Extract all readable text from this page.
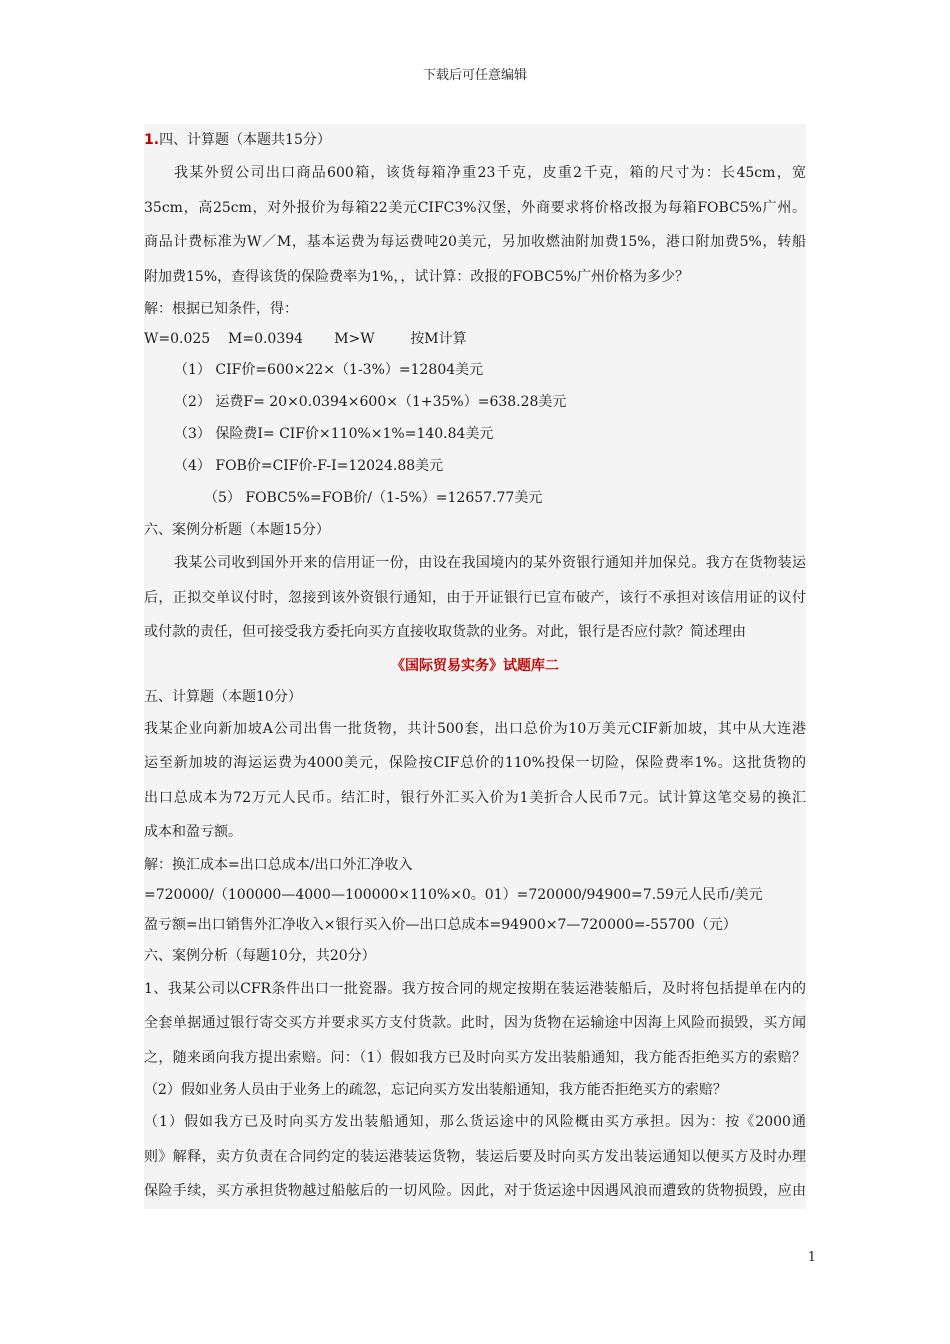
下载后可任意编辑
1.四、计算题（本题共15分）
我某外贸公司出口商品600箱，该货每箱净重23千克，皮重2千克，箱的尺寸为：长45cm，宽
35cm，高25cm，对外报价为每箱22美元CIFC3%汉堡，外商要求将价格改报为每箱FOBC5%广州。
商品计费标准为W／M，基本运费为每运费吨20美元，另加收燃油附加费15%，港口附加费5%，转船
附加费15%，查得该货的保险费率为1%，，试计算：改报的FOBC5%广州价格为多少？
解：根据已知条件，得：
W=0.025    M=0.0394       M>W        按M计算
（1） CIF价=600×22×（1-3%）=12804美元
（2） 运费F= 20×0.0394×600×（1+35%）=638.28美元
（3） 保险费I= CIF价×110%×1%=140.84美元
（4） FOB价=CIF价-F-I=12024.88美元
（5） FOBC5%=FOB价/（1-5%）=12657.77美元
六、案例分析题（本题15分）
我某公司收到国外开来的信用证一份，由设在我国境内的某外资银行通知并加保兑。我方在货物装运
后，正拟交单议付时，忽接到该外资银行通知，由于开证银行已宣布破产，该行不承担对该信用证的议付
或付款的责任，但可接受我方委托向买方直接收取货款的业务。对此，银行是否应付款？简述理由
《国际贸易实务》试题库二
五、计算题（本题10分）
我某企业向新加坡A公司出售一批货物，共计500套，出口总价为10万美元CIF新加坡，其中从大连港
运至新加坡的海运运费为4000美元，保险按CIF总价的110%投保一切险，保险费率1%。这批货物的
出口总成本为72万元人民币。结汇时，银行外汇买入价为1美折合人民币7元。试计算这笔交易的换汇
成本和盈亏额。
解：换汇成本=出口总成本/出口外汇净收入
=720000/（100000—4000—100000×110%×0。01）=720000/94900=7.59元人民币/美元
盈亏额=出口销售外汇净收入×银行买入价—出口总成本=94900×7—720000=-55700（元）
六、案例分析（每题10分，共20分）
1、我某公司以CFR条件出口一批瓷器。我方按合同的规定按期在装运港装船后，及时将包括提单在内的
全套单据通过银行寄交买方并要求买方支付货款。此时，因为货物在运输途中因海上风险而损毁，买方闻
之，随来函向我方提出索赔。问：（1）假如我方已及时向买方发出装船通知，我方能否拒绝买方的索赔？
（2）假如业务人员由于业务上的疏忽，忘记向买方发出装船通知，我方能否拒绝买方的索赔？
（1）假如我方已及时向买方发出装船通知，那么货运途中的风险概由买方承担。因为：按《2000通
则》解释，卖方负责在合同约定的装运港装运货物，装运后要及时向买方发出装运通知以便买方及时办理
保险手续，买方承担货物越过船舷后的一切风险。因此，对于货运途中因遇风浪而遭致的货物损毁，应由
1
